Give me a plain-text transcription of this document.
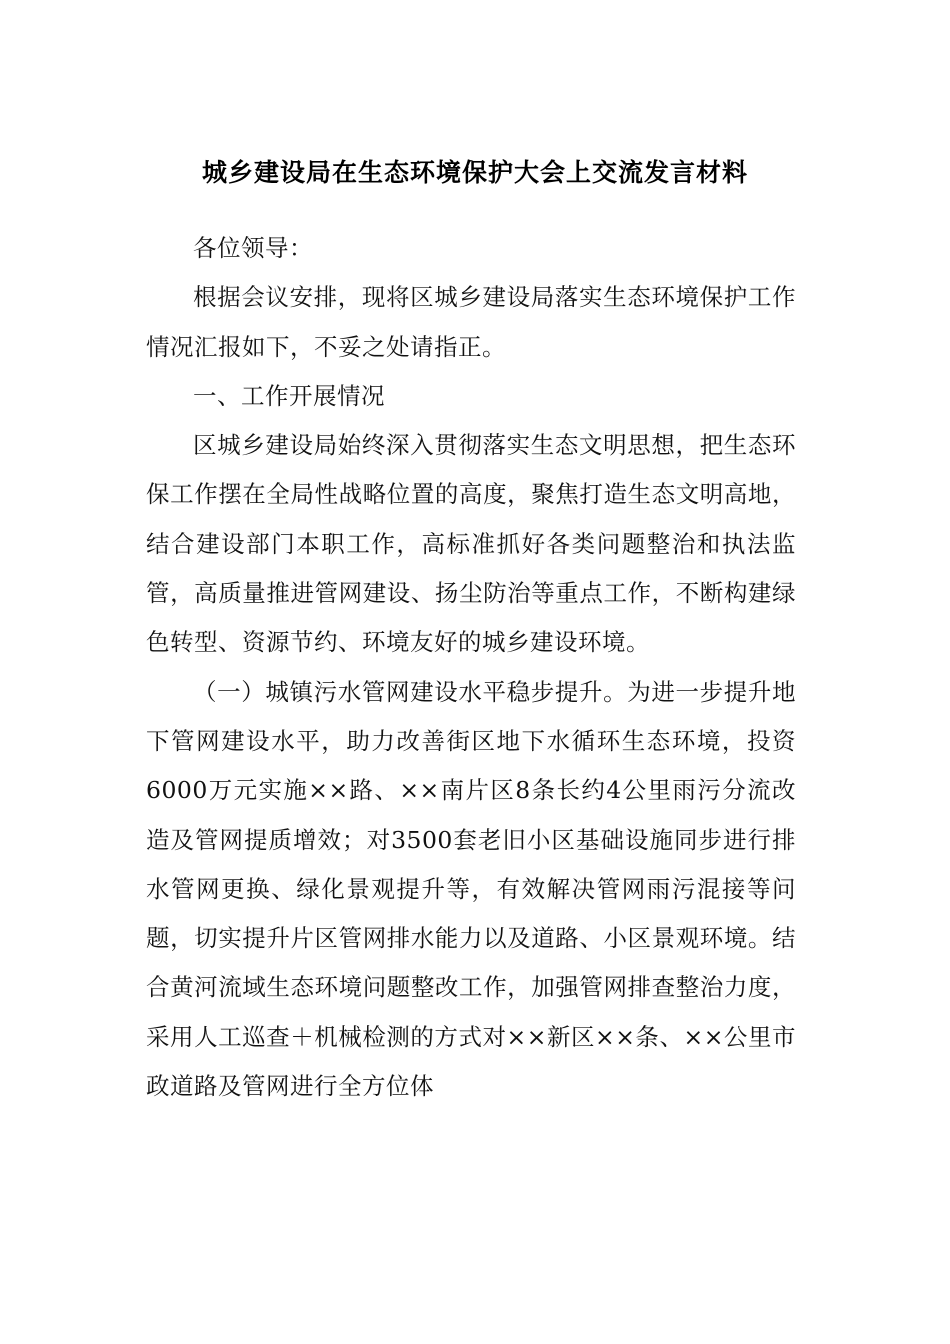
城乡建设局在生态环境保护大会上交流发言材料

各位领导：

根据会议安排，现将区城乡建设局落实生态环境保护工作情况汇报如下，不妥之处请指正。

一、工作开展情况

区城乡建设局始终深入贯彻落实生态文明思想，把生态环保工作摆在全局性战略位置的高度，聚焦打造生态文明高地，结合建设部门本职工作，高标准抓好各类问题整治和执法监管，高质量推进管网建设、扬尘防治等重点工作，不断构建绿色转型、资源节约、环境友好的城乡建设环境。

（一）城镇污水管网建设水平稳步提升。为进一步提升地下管网建设水平，助力改善街区地下水循环生态环境，投资6000万元实施××路、××南片区8条长约4公里雨污分流改造及管网提质增效；对3500套老旧小区基础设施同步进行排水管网更换、绿化景观提升等，有效解决管网雨污混接等问题，切实提升片区管网排水能力以及道路、小区景观环境。结合黄河流域生态环境问题整改工作，加强管网排查整治力度，采用人工巡查＋机械检测的方式对××新区××条、××公里市政道路及管网进行全方位体
